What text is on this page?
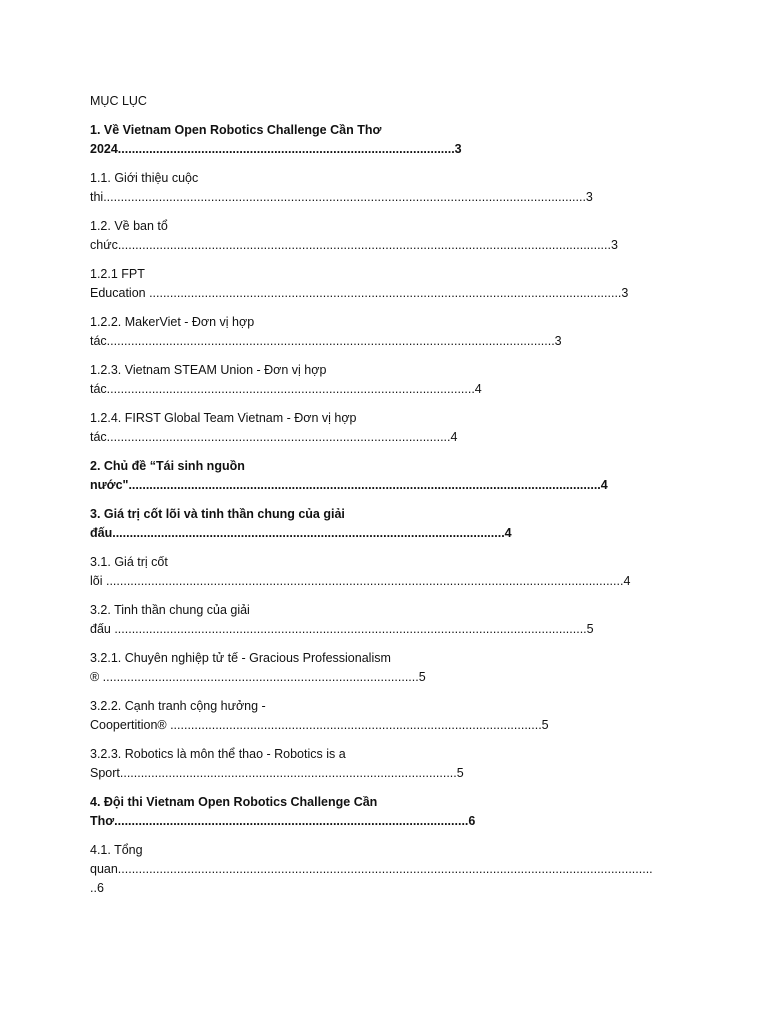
MỤC LỤC
1. Về Vietnam Open Robotics Challenge Cần Thơ
2024.................................................................................................3
1.1. Giới thiệu cuộc
thi...........................................................................................................................................3
1.2. Về ban tổ
chức..............................................................................................................................................3
1.2.1 FPT
Education ........................................................................................................................................3
1.2.2. MakerViet - Đơn vị hợp
tác.................................................................................................................................3
1.2.3. Vietnam STEAM Union - Đơn vị hợp
tác..........................................................................................................4
1.2.4. FIRST Global Team Vietnam - Đơn vị hợp
tác...................................................................................................4
2. Chủ đề “Tái sinh nguồn
nước"........................................................................................................................................4
3. Giá trị cốt lõi và tinh thần chung của giải
đấu.................................................................................................................4
3.1. Giá trị cốt
lõi .....................................................................................................................................................4
3.2. Tinh thần chung của giải
đấu ........................................................................................................................................5
3.2.1. Chuyên nghiệp tử tế - Gracious Professionalism
® ...........................................................................................5
3.2.2. Cạnh tranh cộng hưởng -
Coopertition® ...........................................................................................................5
3.2.3. Robotics là môn thể thao - Robotics is a
Sport.................................................................................................5
4. Đội thi Vietnam Open Robotics Challenge Cần
Thơ......................................................................................................6
4.1. Tổng
quan..........................................................................................................................................................
..6
